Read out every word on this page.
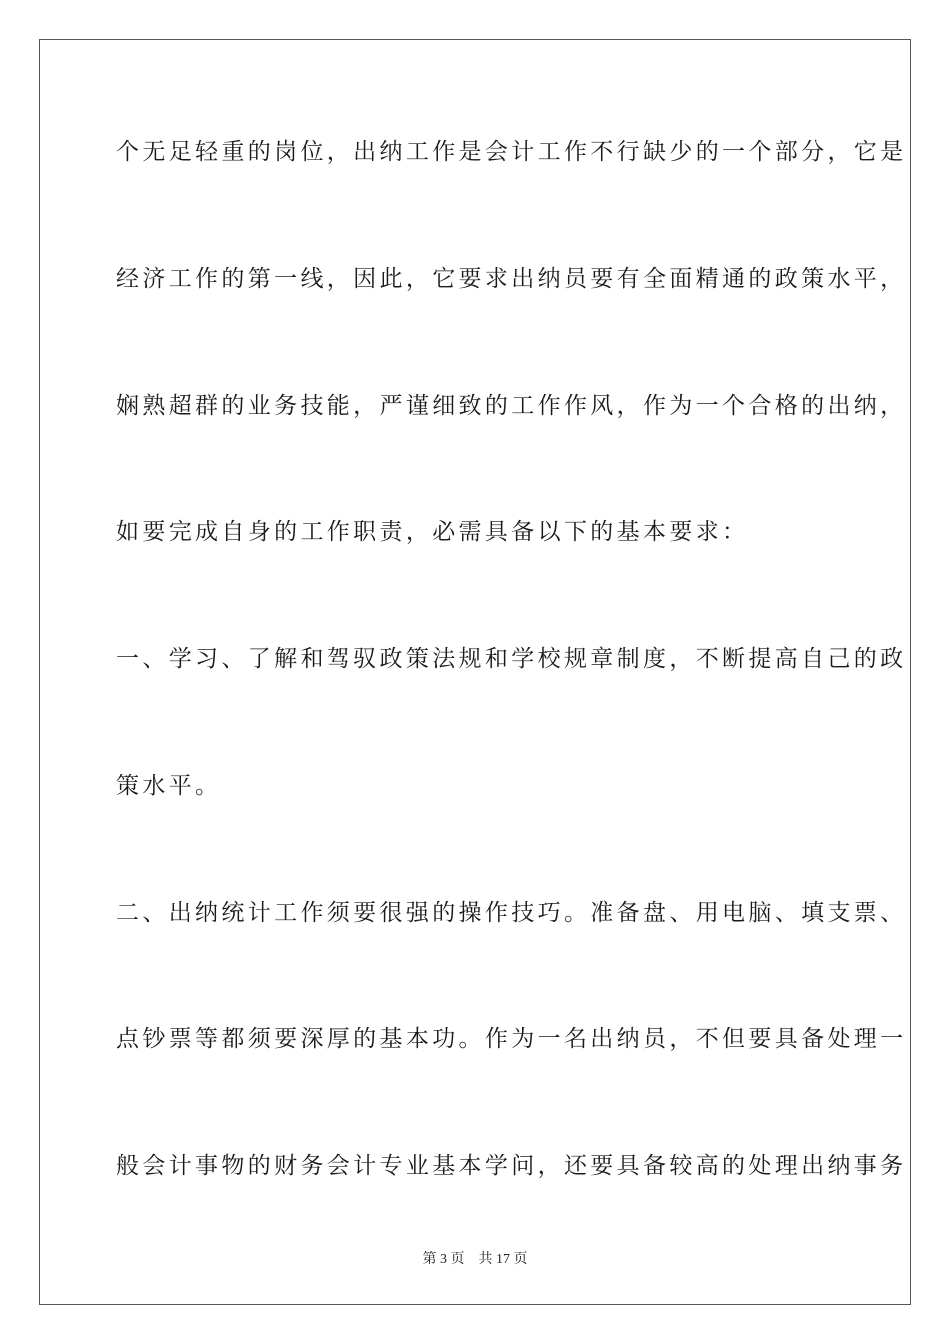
个无足轻重的岗位，出纳工作是会计工作不行缺少的一个部分，它是
经济工作的第一线，因此，它要求出纳员要有全面精通的政策水平，
娴熟超群的业务技能，严谨细致的工作作风，作为一个合格的出纳，
如要完成自身的工作职责，必需具备以下的基本要求：
一、学习、了解和驾驭政策法规和学校规章制度，不断提高自己的政
策水平。
二、出纳统计工作须要很强的操作技巧。准备盘、用电脑、填支票、
点钞票等都须要深厚的基本功。作为一名出纳员，不但要具备处理一
般会计事物的财务会计专业基本学问，还要具备较高的处理出纳事务
第 3 页    共 17 页
